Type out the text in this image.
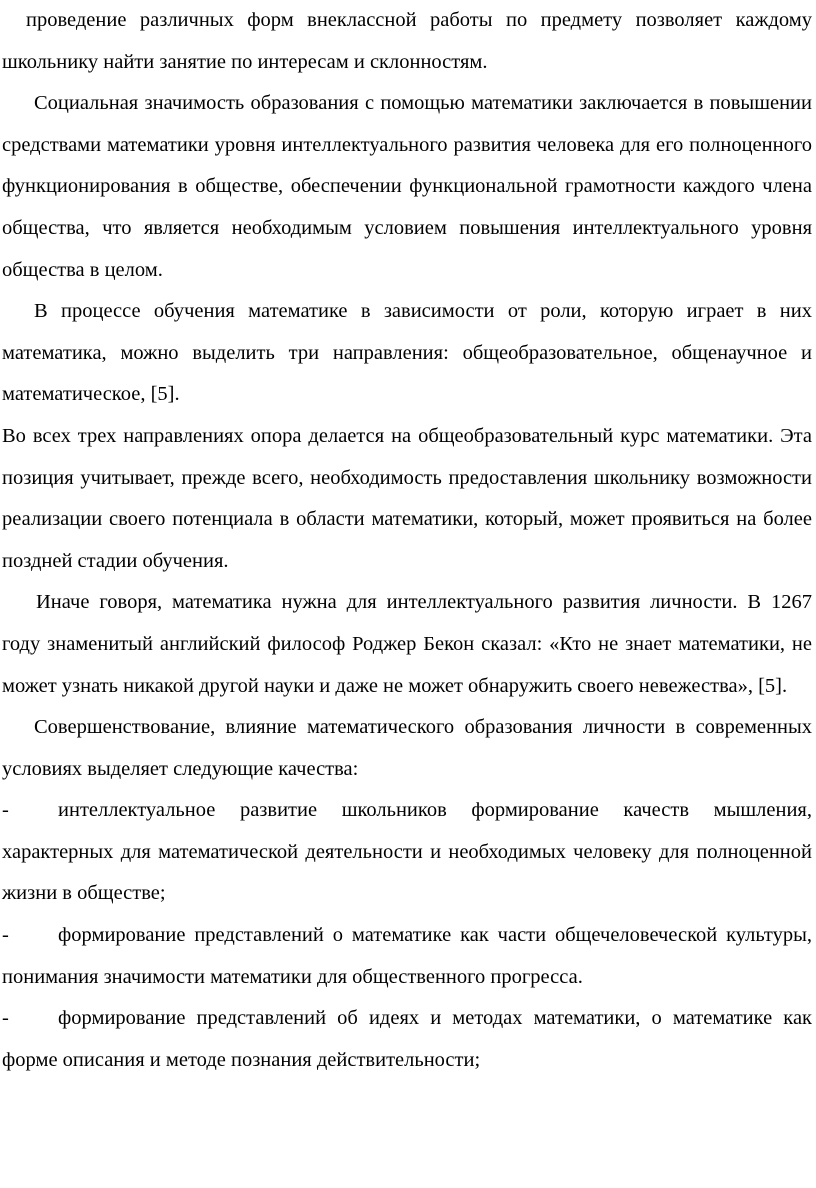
проведение различных форм внеклассной работы по предмету позволяет каждому школьнику найти занятие по интересам и склонностям.

Социальная значимость образования с помощью математики заключается в повышении средствами математики уровня интеллектуального развития человека для его полноценного функционирования в обществе, обеспечении функциональной грамотности каждого члена общества, что является необходимым условием повышения интеллектуального уровня общества в целом.

В процессе обучения математике в зависимости от роли, которую играет в них математика, можно выделить три направления: общеобразовательное, общенаучное и математическое, [5].

Во всех трех направлениях опора делается на общеобразовательный курс математики. Эта позиция учитывает, прежде всего, необходимость предоставления школьнику возможности реализации своего потенциала в области математики, который, может проявиться на более поздней стадии обучения.

Иначе говоря, математика нужна для интеллектуального развития личности. В 1267 году знаменитый английский философ Роджер Бекон сказал: «Кто не знает математики, не может узнать никакой другой науки и даже не может обнаружить своего невежества», [5].

Совершенствование, влияние математического образования личности в современных условиях выделяет следующие качества:

- интеллектуальное развитие школьников формирование качеств мышления, характерных для математической деятельности и необходимых человеку для полноценной жизни в обществе;

- формирование представлений о математике как части общечеловеческой культуры, понимания значимости математики для общественного прогресса.

- формирование представлений об идеях и методах математики, о математике как форме описания и методе познания действительности;
